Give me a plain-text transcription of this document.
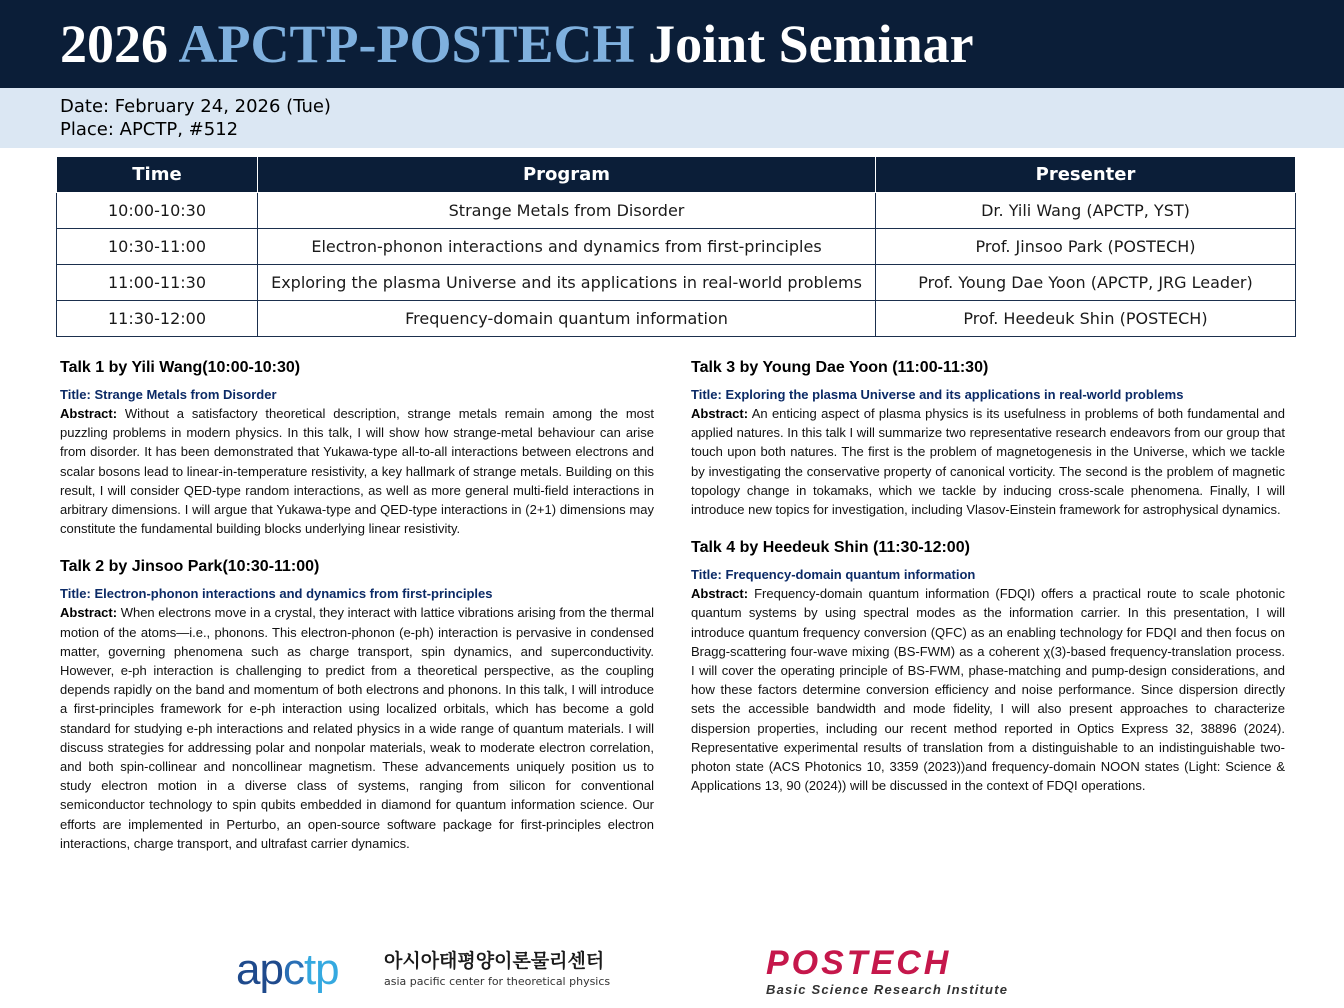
2026 APCTP-POSTECH Joint Seminar
Date: February 24, 2026 (Tue)
Place: APCTP, #512
Time	Program	Presenter
10:00-10:30	Strange Metals from Disorder	Dr. Yili Wang (APCTP, YST)
10:30-11:00	Electron-phonon interactions and dynamics from first-principles	Prof. Jinsoo Park (POSTECH)
11:00-11:30	Exploring the plasma Universe and its applications in real-world problems	Prof. Young Dae Yoon (APCTP, JRG Leader)
11:30-12:00	Frequency-domain quantum information	Prof. Heedeuk Shin (POSTECH)

Talk 1 by Yili Wang(10:00-10:30)

Title: Strange Metals from Disorder

Abstract: Without a satisfactory theoretical description, strange metals remain among the most puzzling problems in modern physics. In this talk, I will show how strange-metal behaviour can arise from disorder. It has been demonstrated that Yukawa-type all-to-all interactions between electrons and scalar bosons lead to linear-in-temperature resistivity, a key hallmark of strange metals. Building on this result, I will consider QED-type random interactions, as well as more general multi-field interactions in arbitrary dimensions. I will argue that Yukawa-type and QED-type interactions in (2+1) dimensions may constitute the fundamental building blocks underlying linear resistivity.

Talk 2 by Jinsoo Park(10:30-11:00)

Title: Electron-phonon interactions and dynamics from first-principles

Abstract: When electrons move in a crystal, they interact with lattice vibrations arising from the thermal motion of the atoms—i.e., phonons. This electron-phonon (e-ph) interaction is pervasive in condensed matter, governing phenomena such as charge transport, spin dynamics, and superconductivity. However, e-ph interaction is challenging to predict from a theoretical perspective, as the coupling depends rapidly on the band and momentum of both electrons and phonons. In this talk, I will introduce a first-principles framework for e-ph interaction using localized orbitals, which has become a gold standard for studying e-ph interactions and related physics in a wide range of quantum materials. I will discuss strategies for addressing polar and nonpolar materials, weak to moderate electron correlation, and both spin-collinear and noncollinear magnetism. These advancements uniquely position us to study electron motion in a diverse class of systems, ranging from silicon for conventional semiconductor technology to spin qubits embedded in diamond for quantum information science. Our efforts are implemented in Perturbo, an open-source software package for first-principles electron interactions, charge transport, and ultrafast carrier dynamics.

Talk 3 by Young Dae Yoon (11:00-11:30)

Title: Exploring the plasma Universe and its applications in real-world problems

Abstract: An enticing aspect of plasma physics is its usefulness in problems of both fundamental and applied natures. In this talk I will summarize two representative research endeavors from our group that touch upon both natures. The first is the problem of magnetogenesis in the Universe, which we tackle by investigating the conservative property of canonical vorticity. The second is the problem of magnetic topology change in tokamaks, which we tackle by inducing cross-scale phenomena. Finally, I will introduce new topics for investigation, including Vlasov-Einstein framework for astrophysical dynamics.

Talk 4 by Heedeuk Shin (11:30-12:00)

Title: Frequency-domain quantum information

Abstract: Frequency-domain quantum information (FDQI) offers a practical route to scale photonic quantum systems by using spectral modes as the information carrier. In this presentation, I will introduce quantum frequency conversion (QFC) as an enabling technology for FDQI and then focus on Bragg-scattering four-wave mixing (BS-FWM) as a coherent χ(3)-based frequency-translation process. I will cover the operating principle of BS-FWM, phase-matching and pump-design considerations, and how these factors determine conversion efficiency and noise performance. Since dispersion directly sets the accessible bandwidth and mode fidelity, I will also present approaches to characterize dispersion properties, including our recent method reported in Optics Express 32, 38896 (2024). Representative experimental results of translation from a distinguishable to an indistinguishable two-photon state (ACS Photonics 10, 3359 (2023))and frequency-domain NOON states (Light: Science & Applications 13, 90 (2024)) will be discussed in the context of FDQI operations.

apctp 아시아태평양이론물리센터
asia pacific center for theoretical physics	POSTECH
Basic Science Research Institute
